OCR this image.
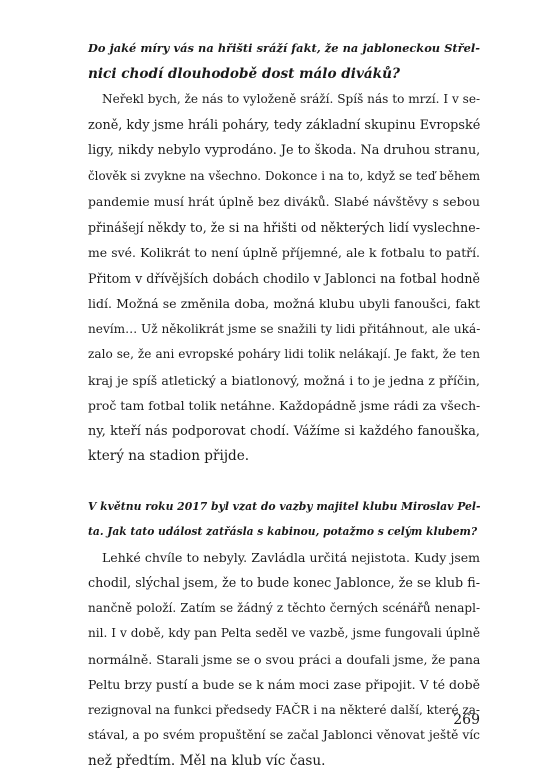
Do jaké míry vás na hřišti sráží fakt, že na jabloneckou Střel-
nici chodí dlouhodobě dost málo diváků?
Neřekl bych, že nás to vyloženě sráží. Spíš nás to mrzí. I v se-
zoně, kdy jsme hráli poháry, tedy základní skupinu Evropské
ligy, nikdy nebylo vyprodáno. Je to škoda. Na druhou stranu,
člověk si zvykne na všechno. Dokonce i na to, když se teď během
pandemie musí hrát úplně bez diváků. Slabé návštěvy s sebou
přinášejí někdy to, že si na hřišti od některých lidí vyslechne-
me své. Kolikrát to není úplně příjemné, ale k fotbalu to patří.
Přitom v dřívějších dobách chodilo v Jablonci na fotbal hodně
lidí. Možná se změnila doba, možná klubu ubyli fanoušci, fakt
nevím… Už několikrát jsme se snažili ty lidi přitáhnout, ale uká-
zalo se, že ani evropské poháry lidi tolik nelákají. Je fakt, že ten
kraj je spíš atletický a biatlonový, možná i to je jedna z příčin,
proč tam fotbal tolik netáhne. Každopádně jsme rádi za všech-
ny, kteří nás podporovat chodí. Vážíme si každého fanouška,
který na stadion přijde.
V květnu roku 2017 byl vzat do vazby majitel klubu Miroslav Pel-
ta. Jak tato událost zatřásla s kabinou, potažmo s celým klubem?
Lehké chvíle to nebyly. Zavládla určitá nejistota. Kudy jsem
chodil, slýchal jsem, že to bude konec Jablonce, že se klub fi-
nančně položí. Zatím se žádný z těchto černých scénářů nenapl-
nil. I v době, kdy pan Pelta seděl ve vazbě, jsme fungovali úplně
normálně. Starali jsme se o svou práci a doufali jsme, že pana
Peltu brzy pustí a bude se k nám moci zase připojit. V té době
rezignoval na funkci předsedy FAČR i na některé další, které za-
stával, a po svém propuštění se začal Jablonci věnovat ještě víc
než předtím. Měl na klub víc času.
269
